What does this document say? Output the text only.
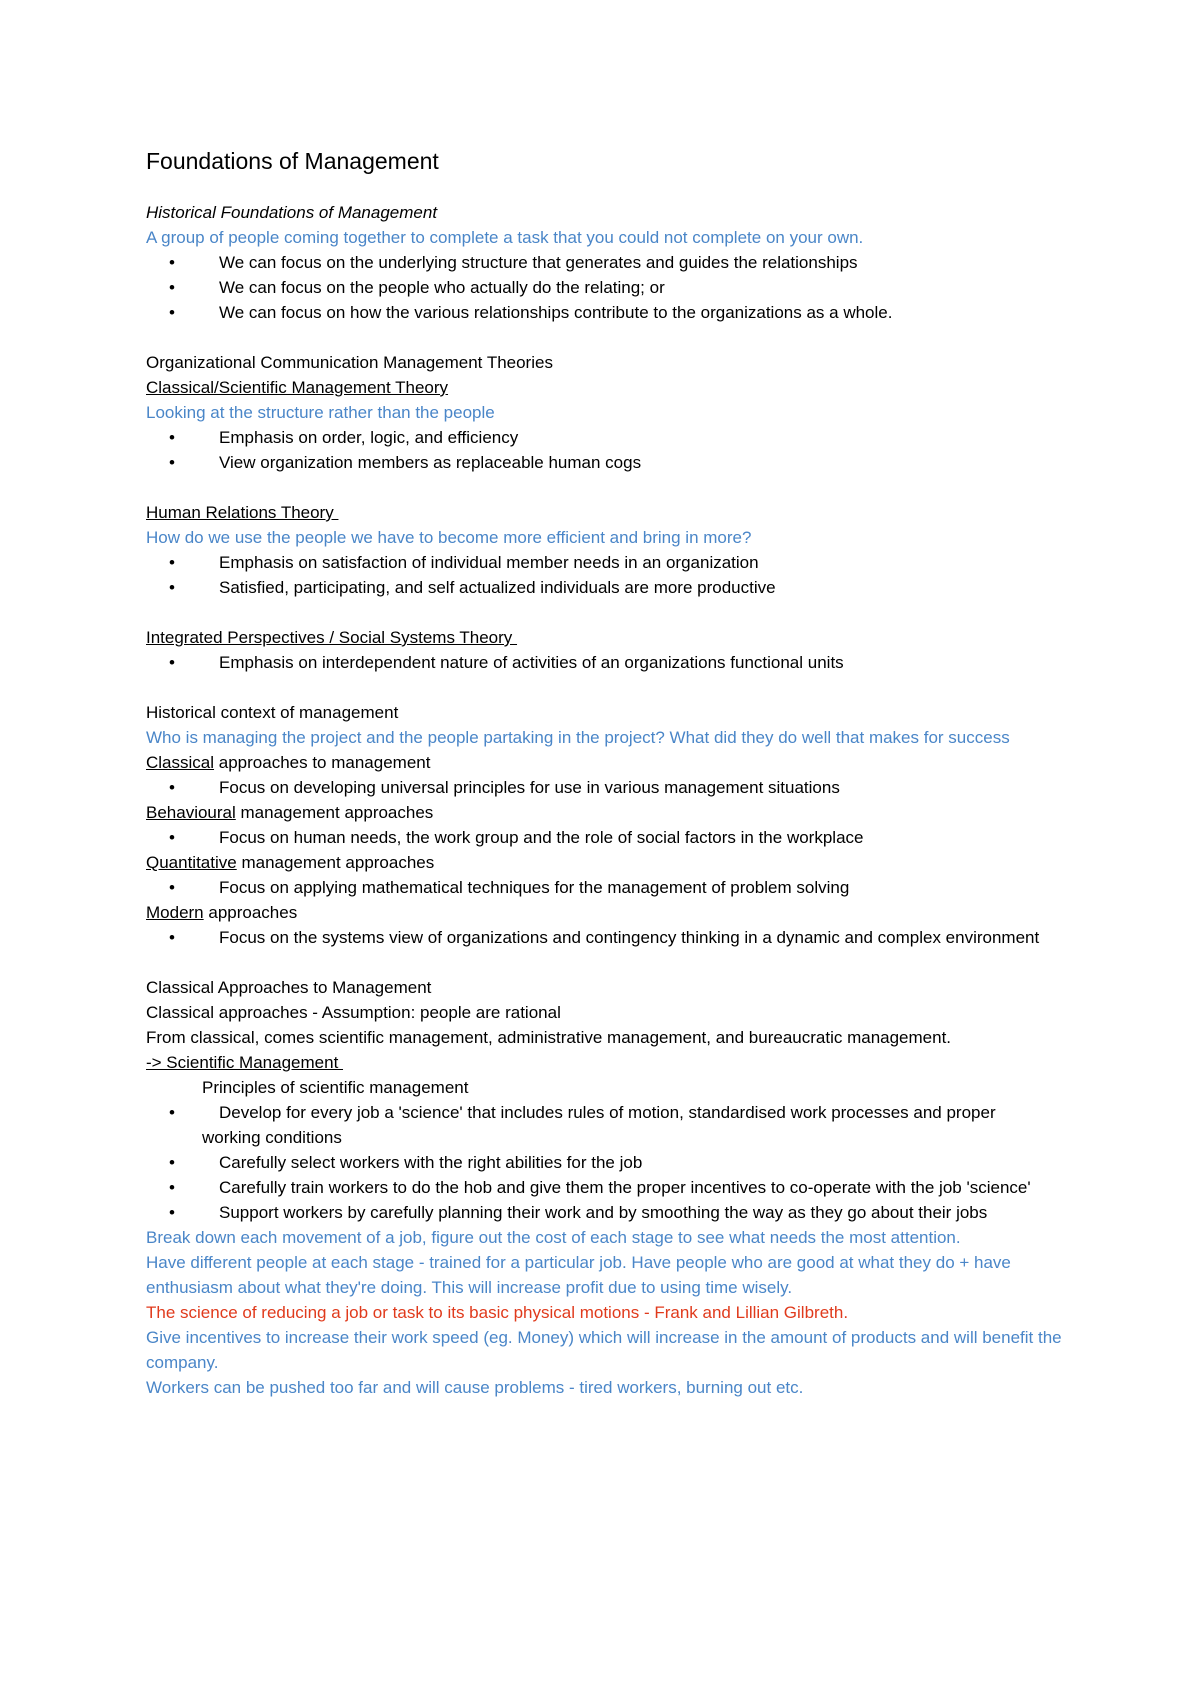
Foundations of Management
Historical Foundations of Management
A group of people coming together to complete a task that you could not complete on your own.
•	We can focus on the underlying structure that generates and guides the relationships
•	We can focus on the people who actually do the relating; or
•	We can focus on how the various relationships contribute to the organizations as a whole.
Organizational Communication Management Theories
Classical/Scientific Management Theory
Looking at the structure rather than the people
•	Emphasis on order, logic, and efficiency
•	View organization members as replaceable human cogs
Human Relations Theory
How do we use the people we have to become more efficient and bring in more?
•	Emphasis on satisfaction of individual member needs in an organization
•	Satisfied, participating, and self actualized individuals are more productive
Integrated Perspectives / Social Systems Theory
•	Emphasis on interdependent nature of activities of an organizations functional units
Historical context of management
Who is managing the project and the people partaking in the project? What did they do well that makes for success
Classical approaches to management
•	Focus on developing universal principles for use in various management situations
Behavioural management approaches
•	Focus on human needs, the work group and the role of social factors in the workplace
Quantitative management approaches
•	Focus on applying mathematical techniques for the management of problem solving
Modern approaches
•	Focus on the systems view of organizations and contingency thinking in a dynamic and complex environment
Classical Approaches to Management
Classical approaches - Assumption: people are rational
From classical, comes scientific management, administrative management, and bureaucratic management.
-> Scientific Management
Principles of scientific management
•	Develop for every job a 'science' that includes rules of motion, standardised work processes and proper working conditions
•	Carefully select workers with the right abilities for the job
•	Carefully train workers to do the hob and give them the proper incentives to co-operate with the job 'science'
•	Support workers by carefully planning their work and by smoothing the way as they go about their jobs
Break down each movement of a job, figure out the cost of each stage to see what needs the most attention.
Have different people at each stage - trained for a particular job. Have people who are good at what they do + have enthusiasm about what they're doing. This will increase profit due to using time wisely.
The science of reducing a job or task to its basic physical motions - Frank and Lillian Gilbreth.
Give incentives to increase their work speed (eg. Money) which will increase in the amount of products and will benefit the company.
Workers can be pushed too far and will cause problems - tired workers, burning out etc.
